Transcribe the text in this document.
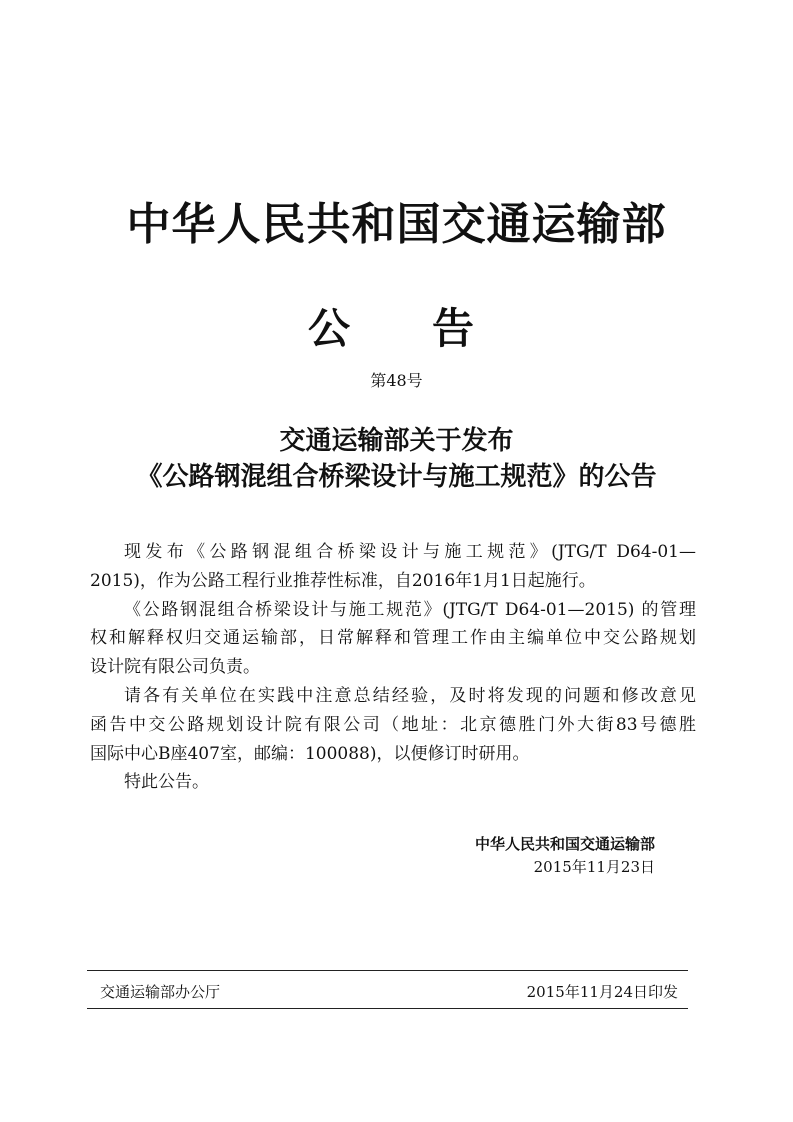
中华人民共和国交通运输部
公 告
第48号
交通运输部关于发布
《公路钢混组合桥梁设计与施工规范》的公告
现发布《公路钢混组合桥梁设计与施工规范》(JTG/T D64-01—
2015)，作为公路工程行业推荐性标准，自2016年1月1日起施行。
《公路钢混组合桥梁设计与施工规范》(JTG/T D64-01—2015) 的管理
权和解释权归交通运输部，日常解释和管理工作由主编单位中交公路规划
设计院有限公司负责。
请各有关单位在实践中注意总结经验，及时将发现的问题和修改意见
函告中交公路规划设计院有限公司（地址：北京德胜门外大街83号德胜
国际中心B座407室，邮编：100088)，以便修订时研用。
特此公告。
中华人民共和国交通运输部
2015年11月23日
交通运输部办公厅	2015年11月24日印发
